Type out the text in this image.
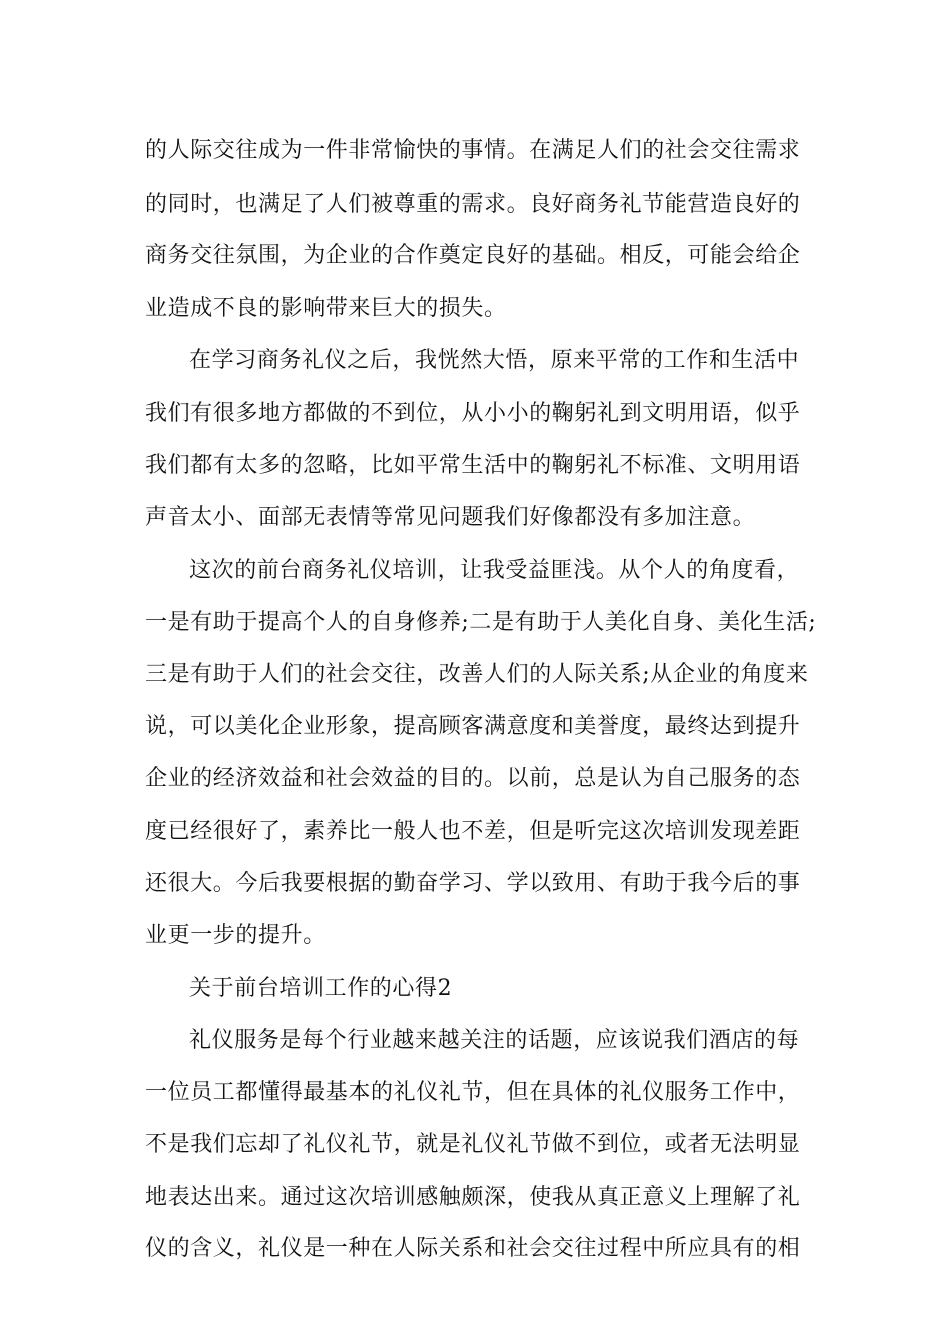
的人际交往成为一件非常愉快的事情。在满足人们的社会交往需求
的同时，也满足了人们被尊重的需求。良好商务礼节能营造良好的
商务交往氛围，为企业的合作奠定良好的基础。相反，可能会给企
业造成不良的影响带来巨大的损失。
在学习商务礼仪之后，我恍然大悟，原来平常的工作和生活中
我们有很多地方都做的不到位，从小小的鞠躬礼到文明用语，似乎
我们都有太多的忽略，比如平常生活中的鞠躬礼不标准、文明用语
声音太小、面部无表情等常见问题我们好像都没有多加注意。
这次的前台商务礼仪培训，让我受益匪浅。从个人的角度看，
一是有助于提高个人的自身修养;二是有助于人美化自身、美化生活;
三是有助于人们的社会交往，改善人们的人际关系;从企业的角度来
说，可以美化企业形象，提高顾客满意度和美誉度，最终达到提升
企业的经济效益和社会效益的目的。以前，总是认为自己服务的态
度已经很好了，素养比一般人也不差，但是听完这次培训发现差距
还很大。今后我要根据的勤奋学习、学以致用、有助于我今后的事
业更一步的提升。
关于前台培训工作的心得2
礼仪服务是每个行业越来越关注的话题，应该说我们酒店的每
一位员工都懂得最基本的礼仪礼节，但在具体的礼仪服务工作中，
不是我们忘却了礼仪礼节，就是礼仪礼节做不到位，或者无法明显
地表达出来。通过这次培训感触颇深，使我从真正意义上理解了礼
仪的含义，礼仪是一种在人际关系和社会交往过程中所应具有的相
